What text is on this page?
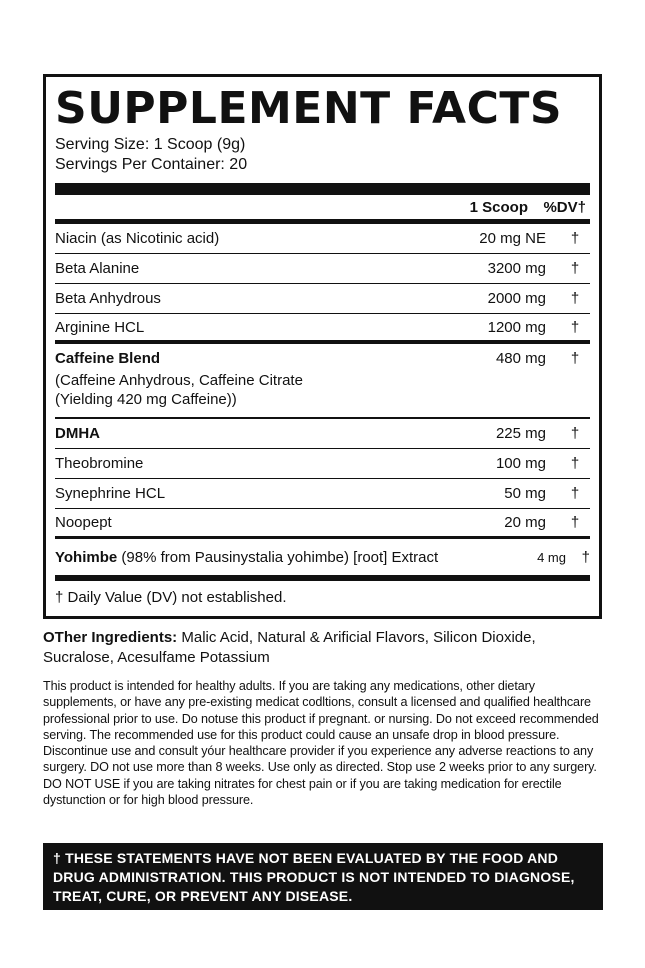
SUPPLEMENT FACTS
Serving Size: 1 Scoop (9g)
Servings Per Container: 20
1 Scoop	%DV†
Niacin (as Nicotinic acid)	20 mg NE	†
Beta Alanine	3200 mg	†
Beta Anhydrous	2000 mg	†
Arginine HCL	1200 mg	†
Caffeine Blend	480 mg	†
(Caffeine Anhydrous, Caffeine Citrate
(Yielding 420 mg Caffeine))
DMHA	225 mg	†
Theobromine	100 mg	†
Synephrine HCL	50 mg	†
Noopept	20 mg	†
Yohimbe (98% from Pausinystalia yohimbe) [root] Extract	4 mg	†
† Daily Value (DV) not established.
OTher Ingredients: Malic Acid, Natural & Arificial Flavors, Silicon Dioxide, Sucralose, Acesulfame Potassium
This product is intended for healthy adults. If you are taking any medications, other dietary supplements, or have any pre-existing medicat codltions, consult a licensed and qualified healthcare professional prior to use. Do notuse this product if pregnant. or nursing. Do not exceed recommended serving. The recommended use for this product could cause an unsafe drop in blood pressure. Discontinue use and consult yóur healthcare provider if you experience any adverse reactions to any surgery. DO not use more than 8 weeks. Use only as directed. Stop use 2 weeks prior to any surgery. DO NOT USE if you are taking nitrates for chest pain or if you are taking medication for erectile dystunction or for high blood pressure.
† THESE STATEMENTS HAVE NOT BEEN EVALUATED BY THE FOOD AND DRUG ADMINISTRATION. THIS PRODUCT IS NOT INTENDED TO DIAGNOSE, TREAT, CURE, OR PREVENT ANY DISEASE.
